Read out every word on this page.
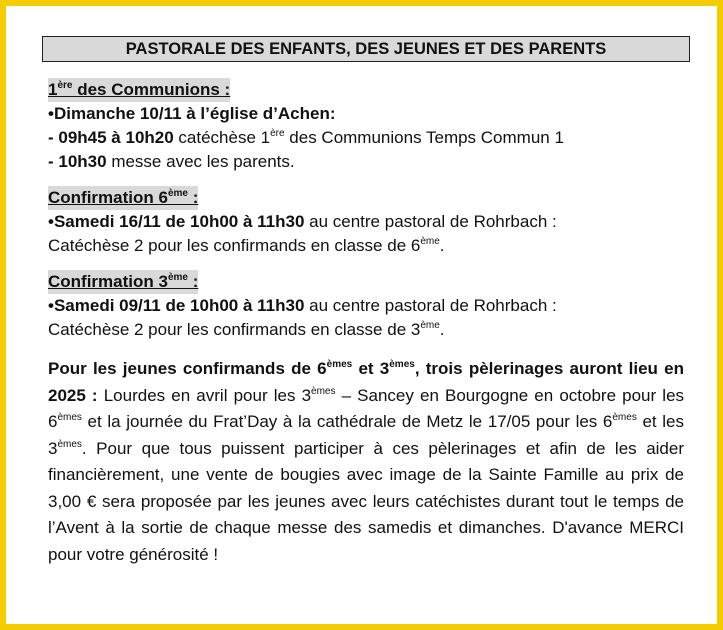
PASTORALE DES ENFANTS, DES JEUNES ET DES PARENTS
1ère des Communions :
•Dimanche 10/11 à l’église d’Achen:
- 09h45 à 10h20 catéchèse 1ère des Communions Temps Commun 1
- 10h30 messe avec les parents.
Confirmation 6ème :
•Samedi 16/11 de 10h00 à 11h30 au centre pastoral de Rohrbach :
Catéchèse 2 pour les confirmands en classe de 6ème.
Confirmation 3ème :
•Samedi 09/11 de 10h00 à 11h30 au centre pastoral de Rohrbach :
Catéchèse 2 pour les confirmands en classe de 3ème.
Pour les jeunes confirmands de 6èmes et 3èmes, trois pèlerinages auront lieu en 2025 : Lourdes en avril pour les 3èmes – Sancey en Bourgogne en octobre pour les 6èmes et la journée du Frat’Day à la cathédrale de Metz le 17/05 pour les 6èmes et les 3èmes. Pour que tous puissent participer à ces pèlerinages et afin de les aider financièrement, une vente de bougies avec image de la Sainte Famille au prix de 3,00 € sera proposée par les jeunes avec leurs catéchistes durant tout le temps de l’Avent à la sortie de chaque messe des samedis et dimanches. D'avance MERCI pour votre générosité !
